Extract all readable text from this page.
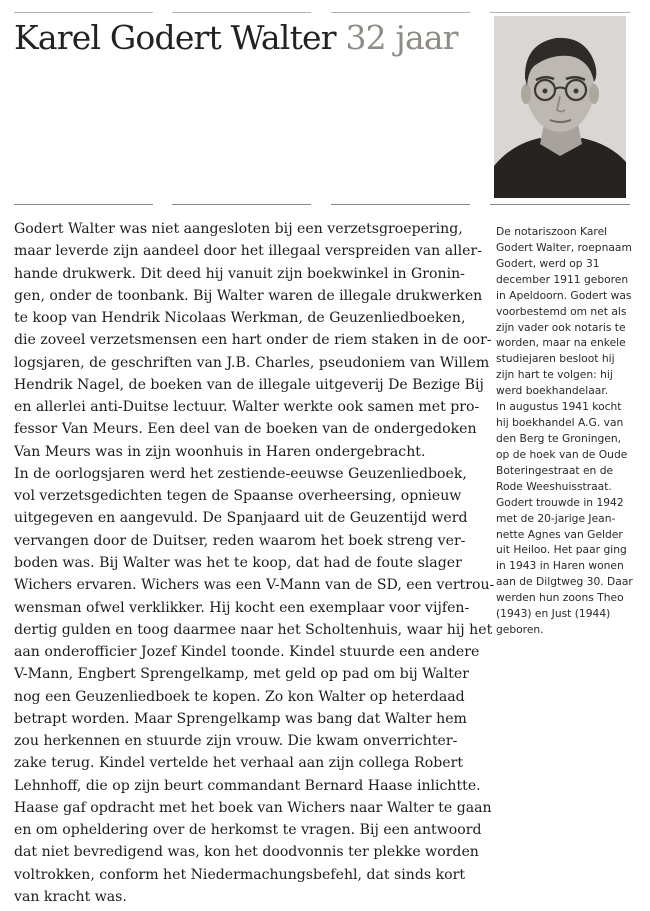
Karel Godert Walter 32 jaar
Godert Walter was niet aangesloten bij een verzetsgroepering,
maar leverde zijn aandeel door het illegaal verspreiden van aller-
hande drukwerk. Dit deed hij vanuit zijn boekwinkel in Gronin-
gen, onder de toonbank. Bij Walter waren de illegale drukwerken
te koop van Hendrik Nicolaas Werkman, de Geuzenliedboeken,
die zoveel verzetsmensen een hart onder de riem staken in de oor-
logsjaren, de geschriften van J.B. Charles, pseudoniem van Willem
Hendrik Nagel, de boeken van de illegale uitgeverij De Bezige Bij
en allerlei anti-Duitse lectuur. Walter werkte ook samen met pro-
fessor Van Meurs. Een deel van de boeken van de ondergedoken
Van Meurs was in zijn woonhuis in Haren ondergebracht.
In de oorlogsjaren werd het zestiende-eeuwse Geuzenliedboek,
vol verzetsgedichten tegen de Spaanse overheersing, opnieuw
uitgegeven en aangevuld. De Spanjaard uit de Geuzentijd werd
vervangen door de Duitser, reden waarom het boek streng ver-
boden was. Bij Walter was het te koop, dat had de foute slager
Wichers ervaren. Wichers was een V-Mann van de SD, een vertrou-
wensman ofwel verklikker. Hij kocht een exemplaar voor vijfen-
dertig gulden en toog daarmee naar het Scholtenhuis, waar hij het
aan onderofficier Jozef Kindel toonde. Kindel stuurde een andere
V-Mann, Engbert Sprengelkamp, met geld op pad om bij Walter
nog een Geuzenliedboek te kopen. Zo kon Walter op heterdaad
betrapt worden. Maar Sprengelkamp was bang dat Walter hem
zou herkennen en stuurde zijn vrouw. Die kwam onverrichter-
zake terug. Kindel vertelde het verhaal aan zijn collega Robert
Lehnhoff, die op zijn beurt commandant Bernard Haase inlichtte.
Haase gaf opdracht met het boek van Wichers naar Walter te gaan
en om opheldering over de herkomst te vragen. Bij een antwoord
dat niet bevredigend was, kon het doodvonnis ter plekke worden
voltrokken, conform het Niedermachungsbefehl, dat sinds kort
van kracht was.
De notariszoon Karel
Godert Walter, roepnaam
Godert, werd op 31
december 1911 geboren
in Apeldoorn. Godert was
voorbestemd om net als
zijn vader ook notaris te
worden, maar na enkele
studiejaren besloot hij
zijn hart te volgen: hij
werd boekhandelaar.
In augustus 1941 kocht
hij boekhandel A.G. van
den Berg te Groningen,
op de hoek van de Oude
Boteringestraat en de
Rode Weeshuisstraat.
Godert trouwde in 1942
met de 20-jarige Jean-
nette Agnes van Gelder
uit Heiloo. Het paar ging
in 1943 in Haren wonen
aan de Dilgtweg 30. Daar
werden hun zoons Theo
(1943) en Just (1944)
geboren.
